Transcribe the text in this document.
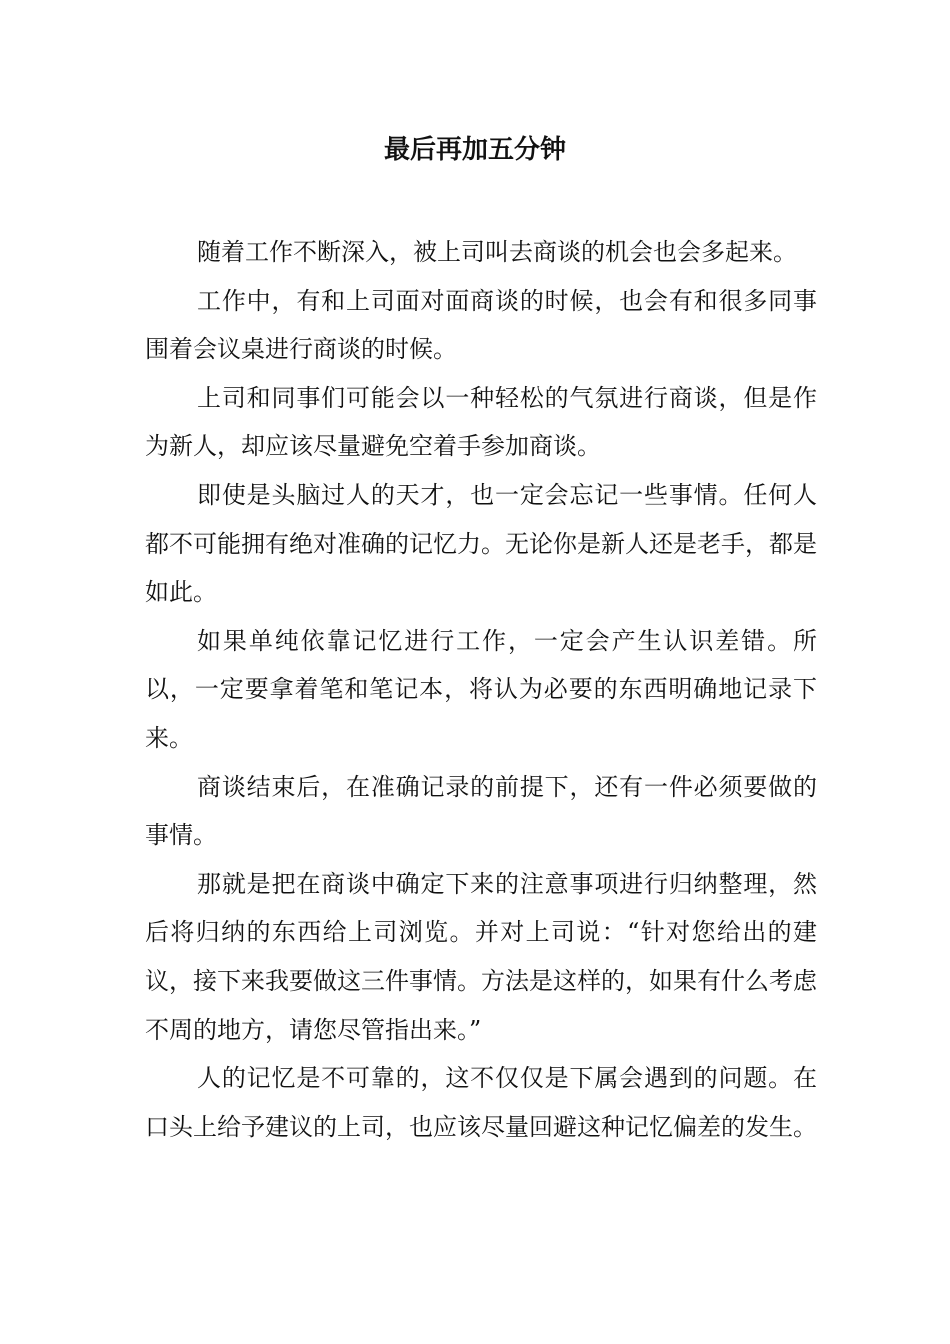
最后再加五分钟

随着工作不断深入，被上司叫去商谈的机会也会多起来。

工作中，有和上司面对面商谈的时候，也会有和很多同事围着会议桌进行商谈的时候。

上司和同事们可能会以一种轻松的气氛进行商谈，但是作为新人，却应该尽量避免空着手参加商谈。

即使是头脑过人的天才，也一定会忘记一些事情。任何人都不可能拥有绝对准确的记忆力。无论你是新人还是老手，都是如此。

如果单纯依靠记忆进行工作，一定会产生认识差错。所以，一定要拿着笔和笔记本，将认为必要的东西明确地记录下来。

商谈结束后，在准确记录的前提下，还有一件必须要做的事情。

那就是把在商谈中确定下来的注意事项进行归纳整理，然后将归纳的东西给上司浏览。并对上司说：“针对您给出的建议，接下来我要做这三件事情。方法是这样的，如果有什么考虑不周的地方，请您尽管指出来。”

人的记忆是不可靠的，这不仅仅是下属会遇到的问题。在口头上给予建议的上司，也应该尽量回避这种记忆偏差的发生。
